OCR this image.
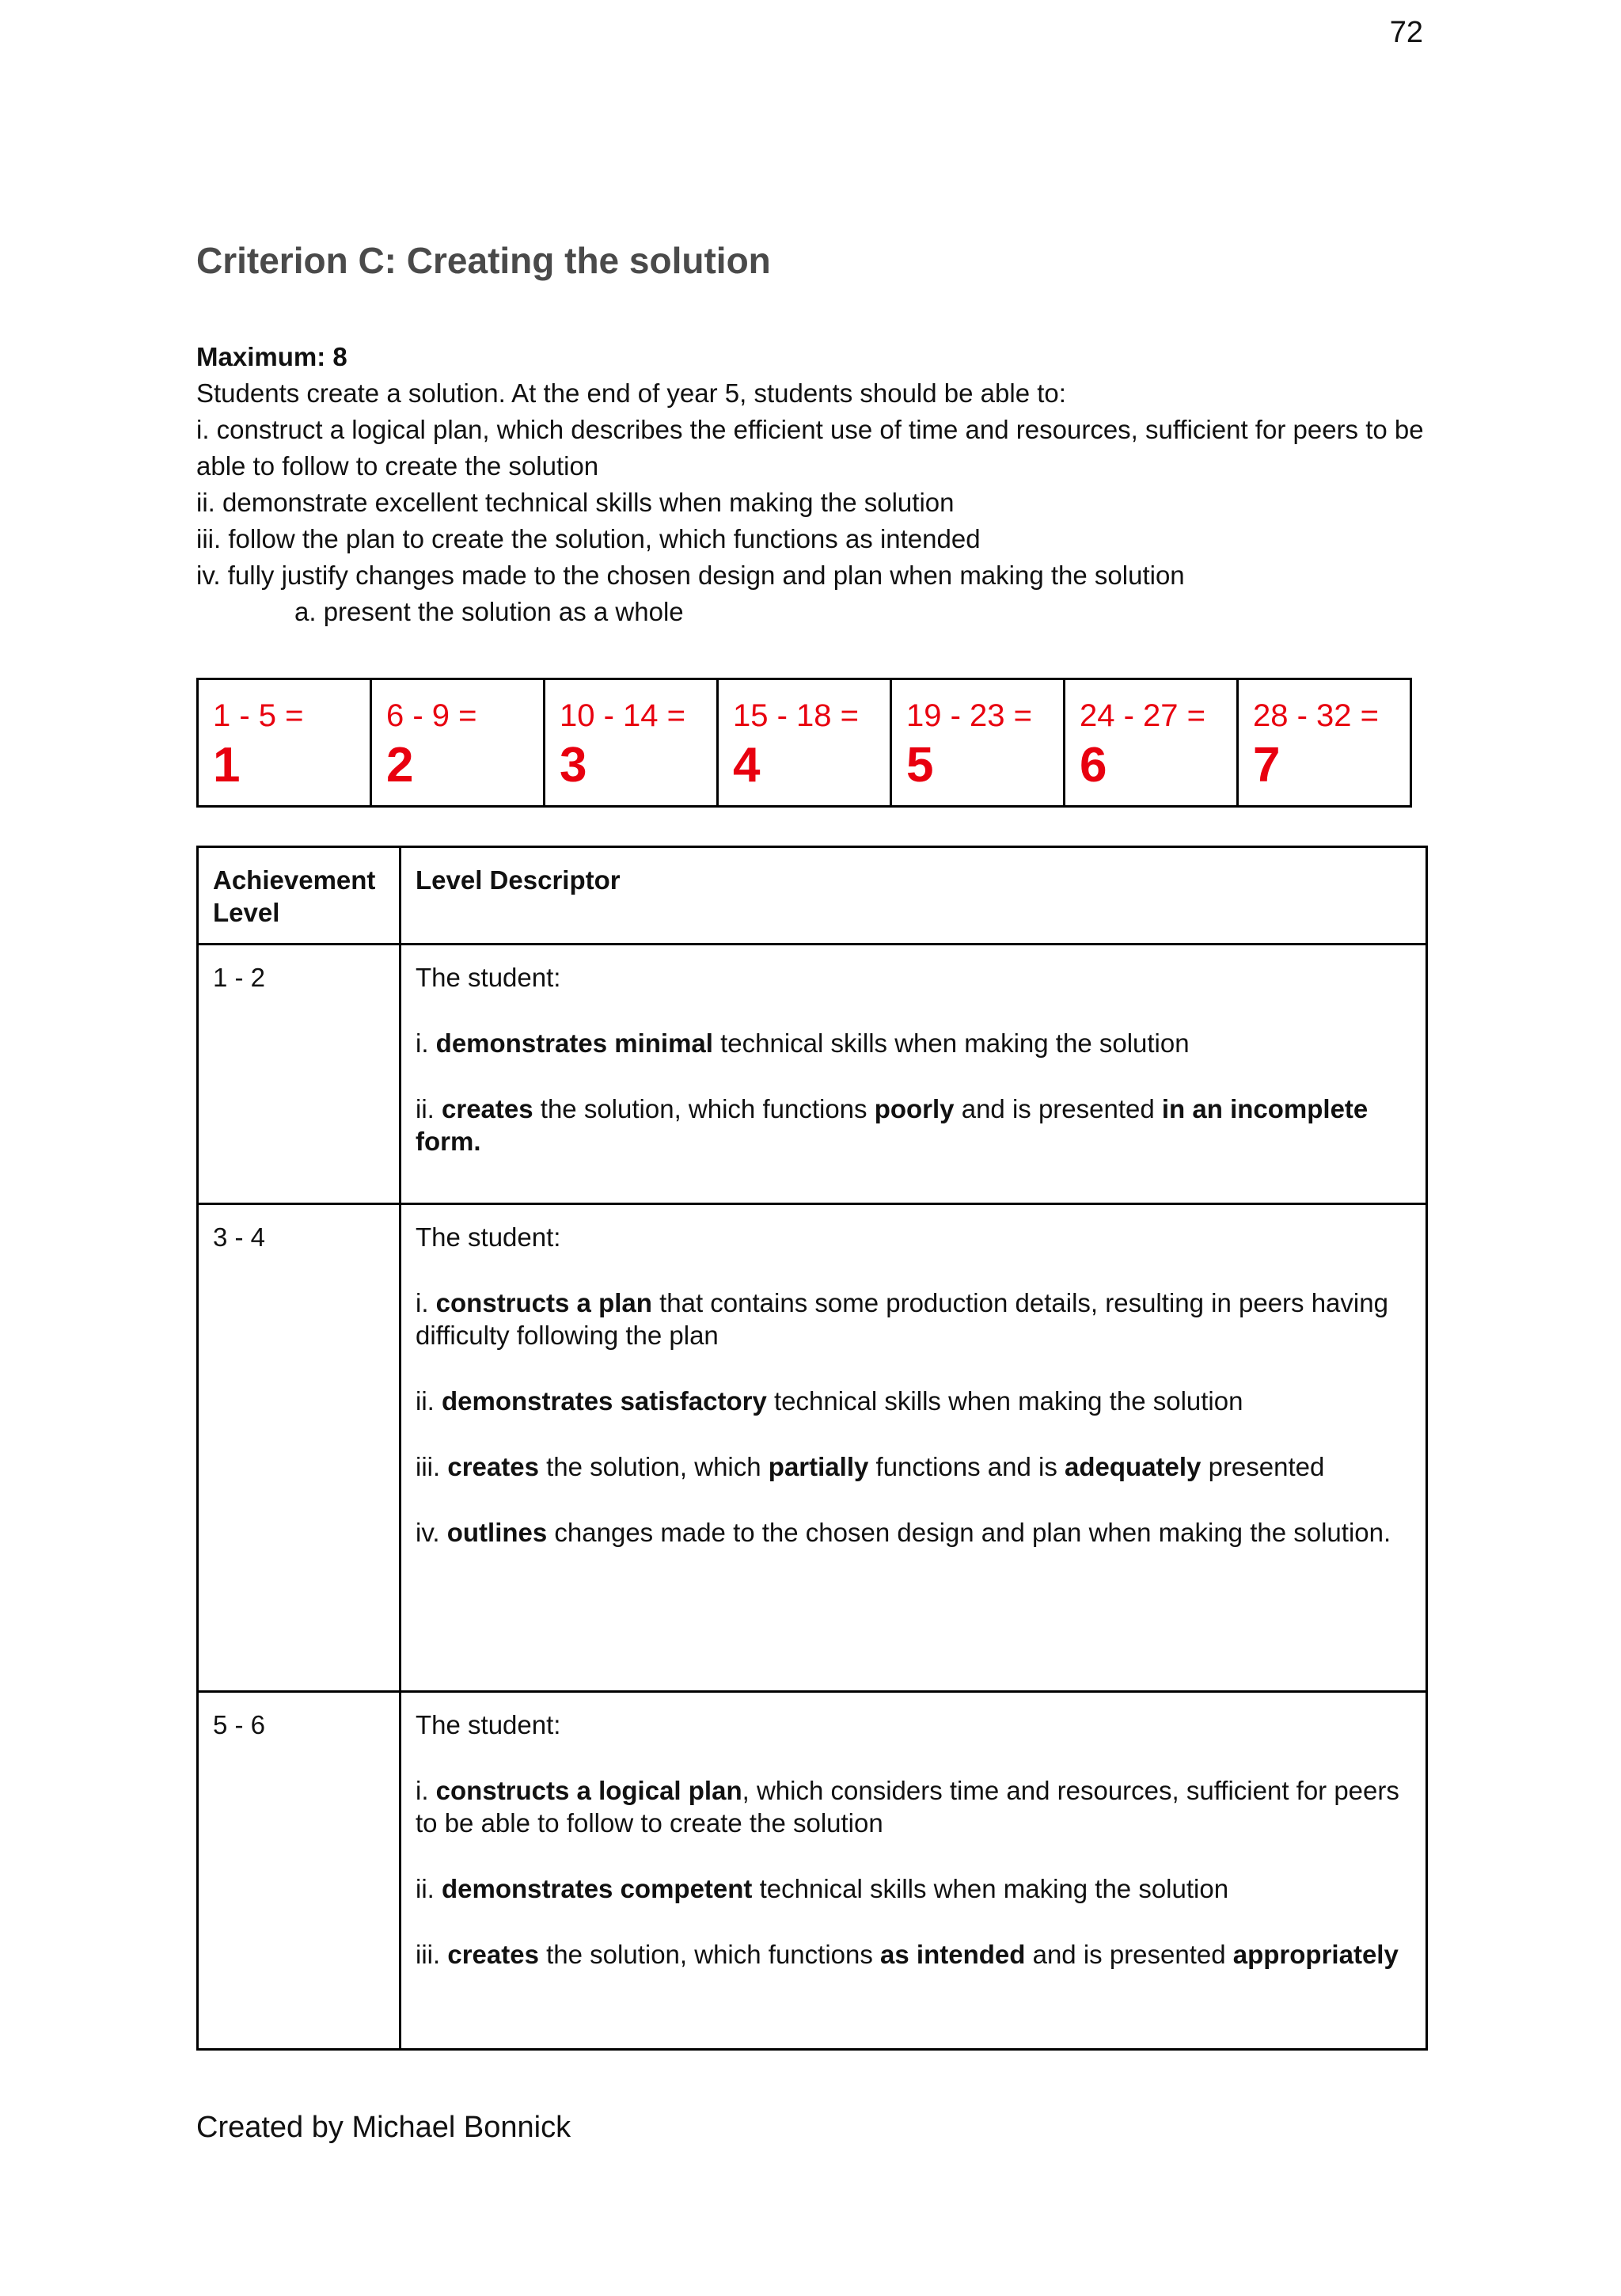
72
Criterion C: Creating the solution

Maximum: 8

Students create a solution. At the end of year 5, students should be able to:

i. construct a logical plan, which describes the efficient use of time and resources, sufficient for peers to be able to follow to create the solution

ii. demonstrate excellent technical skills when making the solution

iii. follow the plan to create the solution, which functions as intended

iv. fully justify changes made to the chosen design and plan when making the solution

a. present the solution as a whole

1 - 5 =
1

6 - 9 =
2

10 - 14 =
3

15 - 18 =
4

19 - 23 =
5

24 - 27 =
6

28 - 32 =
7
Achievement Level	Level Descriptor
1 - 2	The student:

i. demonstrates minimal technical skills when making the solution

ii. creates the solution, which functions poorly and is presented in an incomplete form.

3 - 4	The student:

i. constructs a plan that contains some production details, resulting in peers having difficulty following the plan

ii. demonstrates satisfactory technical skills when making the solution

iii. creates the solution, which partially functions and is adequately presented

iv. outlines changes made to the chosen design and plan when making the solution.

5 - 6	The student:

i. constructs a logical plan, which considers time and resources, sufficient for peers to be able to follow to create the solution

ii. demonstrates competent technical skills when making the solution

iii. creates the solution, which functions as intended and is presented appropriately

Created by Michael Bonnick
